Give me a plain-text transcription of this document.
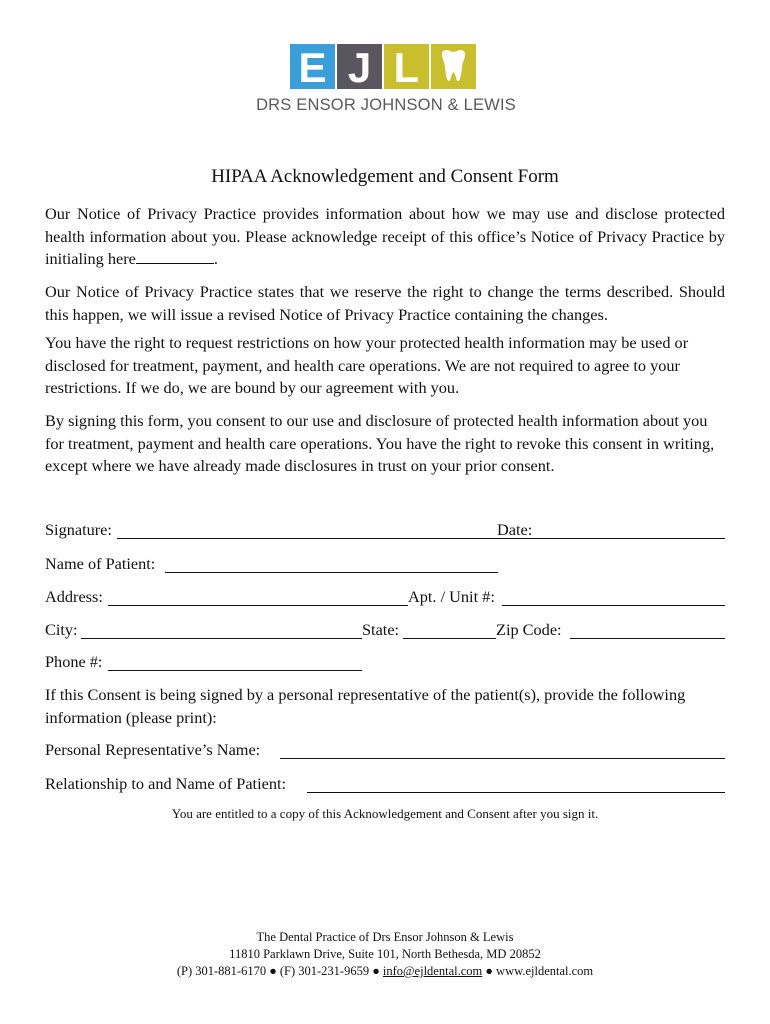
E J L
DRS ENSOR JOHNSON & LEWIS
HIPAA Acknowledgement and Consent Form

Our Notice of Privacy Practice provides information about how we may use and disclose protected health information about you. Please acknowledge receipt of this office’s Notice of Privacy Practice by initialing here	.

Our Notice of Privacy Practice states that we reserve the right to change the terms described. Should this happen, we will issue a revised Notice of Privacy Practice containing the changes.

You have the right to request restrictions on how your protected health information may be used or disclosed for treatment, payment, and health care operations. We are not required to agree to your restrictions. If we do, we are bound by our agreement with you.

By signing this form, you consent to our use and disclosure of protected health information about you for treatment, payment and health care operations. You have the right to revoke this consent in writing, except where we have already made disclosures in trust on your prior consent.

Signature:	Date:
Name of Patient:
Address:	Apt. / Unit #:
City:	State:	Zip Code:
Phone #:

If this Consent is being signed by a personal representative of the patient(s), provide the following information (please print):

Personal Representative’s Name:
Relationship to and Name of Patient:
You are entitled to a copy of this Acknowledgement and Consent after you sign it.
The Dental Practice of Drs Ensor Johnson & Lewis
11810 Parklawn Drive, Suite 101, North Bethesda, MD 20852
(P) 301-881-6170 ● (F) 301-231-9659 ● info@ejldental.com ● www.ejldental.com
